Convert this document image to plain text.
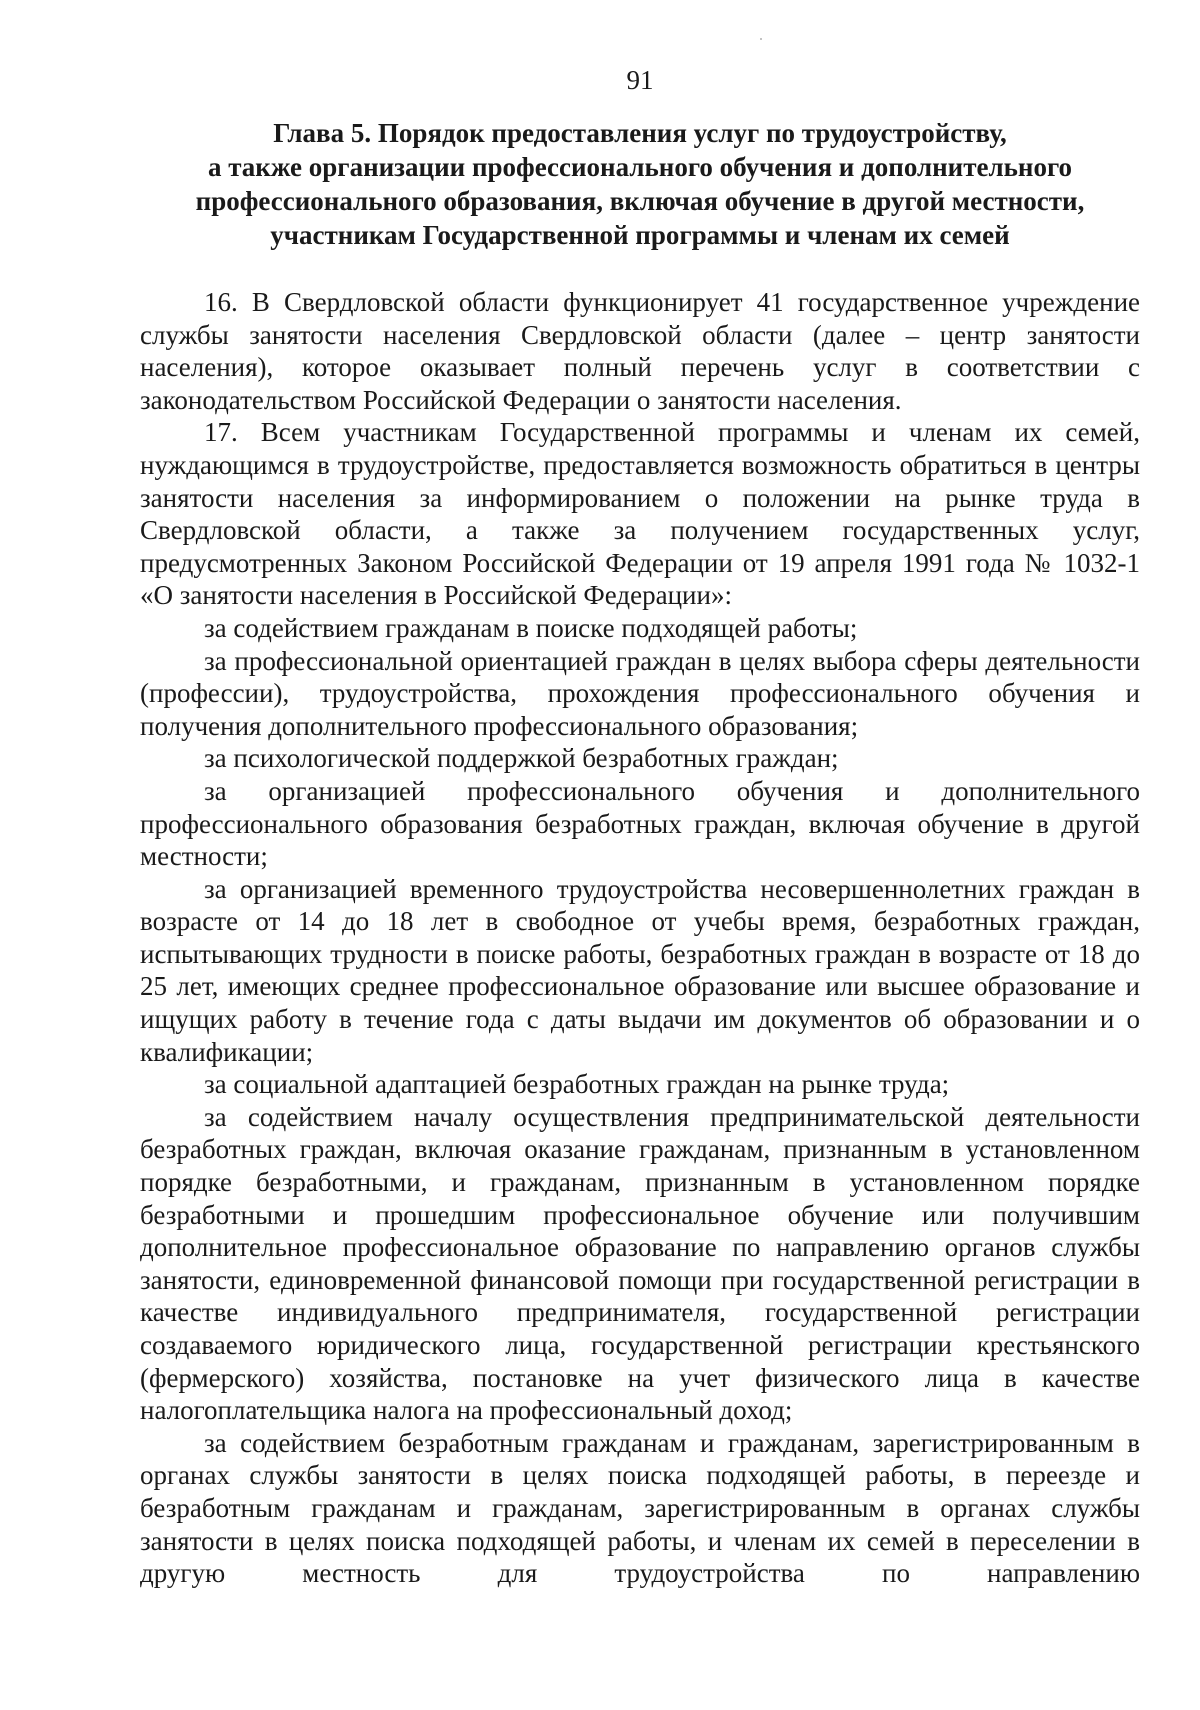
91
Глава 5. Порядок предоставления услуг по трудоустройству,
а также организации профессионального обучения и дополнительного
профессионального образования, включая обучение в другой местности,
участникам Государственной программы и членам их семей

16. В Свердловской области функционирует 41 государственное учреждение службы занятости населения Свердловской области (далее – центр занятости населения), которое оказывает полный перечень услуг в соответствии с законодательством Российской Федерации о занятости населения.

17. Всем участникам Государственной программы и членам их семей, нуждающимся в трудоустройстве, предоставляется возможность обратиться в центры занятости населения за информированием о положении на рынке труда в Свердловской области, а также за получением государственных услуг, предусмотренных Законом Российской Федерации от 19 апреля 1991 года № 1032-1 «О занятости населения в Российской Федерации»:

за содействием гражданам в поиске подходящей работы;

за профессиональной ориентацией граждан в целях выбора сферы деятельности (профессии), трудоустройства, прохождения профессионального обучения и получения дополнительного профессионального образования;

за психологической поддержкой безработных граждан;

за организацией профессионального обучения и дополнительного профессионального образования безработных граждан, включая обучение в другой местности;

за организацией временного трудоустройства несовершеннолетних граждан в возрасте от 14 до 18 лет в свободное от учебы время, безработных граждан, испытывающих трудности в поиске работы, безработных граждан в возрасте от 18 до 25 лет, имеющих среднее профессиональное образование или высшее образование и ищущих работу в течение года с даты выдачи им документов об образовании и о квалификации;

за социальной адаптацией безработных граждан на рынке труда;

за содействием началу осуществления предпринимательской деятельности безработных граждан, включая оказание гражданам, признанным в установленном порядке безработными, и гражданам, признанным в установленном порядке безработными и прошедшим профессиональное обучение или получившим дополнительное профессиональное образование по направлению органов службы занятости, единовременной финансовой помощи при государственной регистрации в качестве индивидуального предпринимателя, государственной регистрации создаваемого юридического лица, государственной регистрации крестьянского (фермерского) хозяйства, постановке на учет физического лица в качестве налогоплательщика налога на профессиональный доход;

за содействием безработным гражданам и гражданам, зарегистрированным в органах службы занятости в целях поиска подходящей работы, в переезде и безработным гражданам и гражданам, зарегистрированным в органах службы занятости в целях поиска подходящей работы, и членам их семей в переселении в другую местность для трудоустройства по направлению
